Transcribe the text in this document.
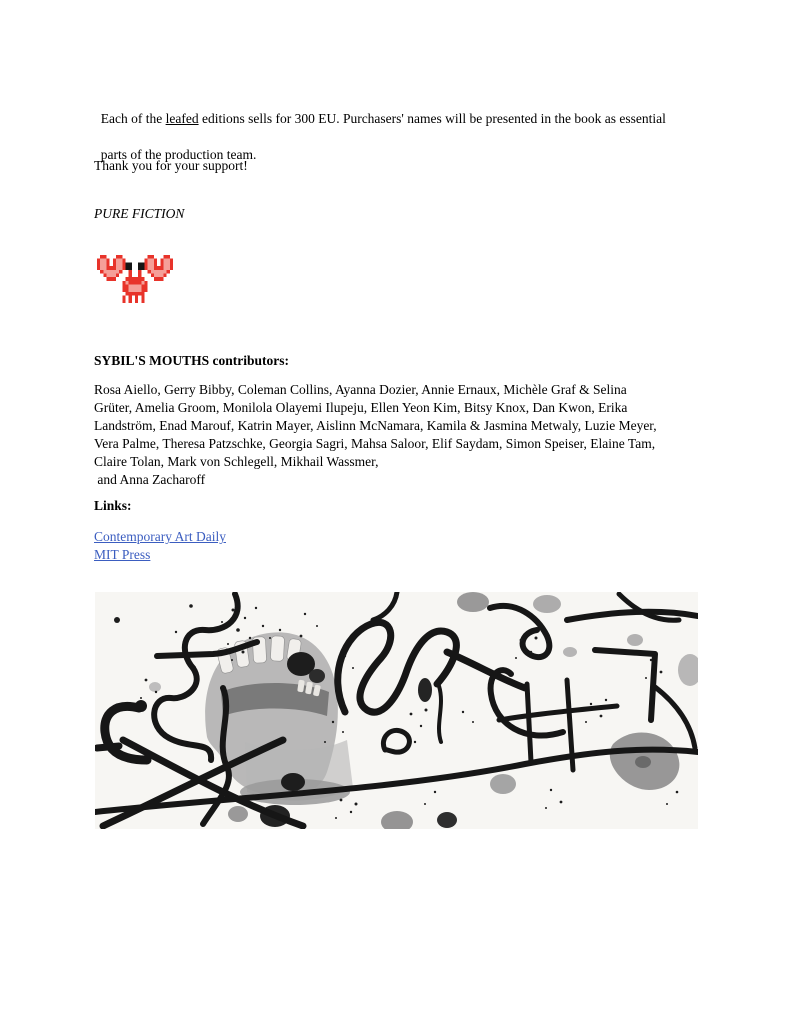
Each of the leafed editions sells for 300 EU. Purchasers' names will be presented in the book as essential

parts of the production team.

Thank you for your support!
PURE FICTION
SYBIL'S MOUTHS contributors:
Rosa Aiello, Gerry Bibby, Coleman Collins, Ayanna Dozier, Annie Ernaux, Michèle Graf & Selina
Grüter, Amelia Groom, Monilola Olayemi Ilupeju, Ellen Yeon Kim, Bitsy Knox, Dan Kwon, Erika
Landström, Enad Marouf, Katrin Mayer, Aislinn McNamara, Kamila & Jasmina Metwaly, Luzie Meyer,
Vera Palme, Theresa Patzschke, Georgia Sagri, Mahsa Saloor, Elif Saydam, Simon Speiser, Elaine Tam,
Claire Tolan, Mark von Schlegell, Mikhail Wassmer,
and Anna Zacharoff
Links:
Contemporary Art Daily
MIT Press
